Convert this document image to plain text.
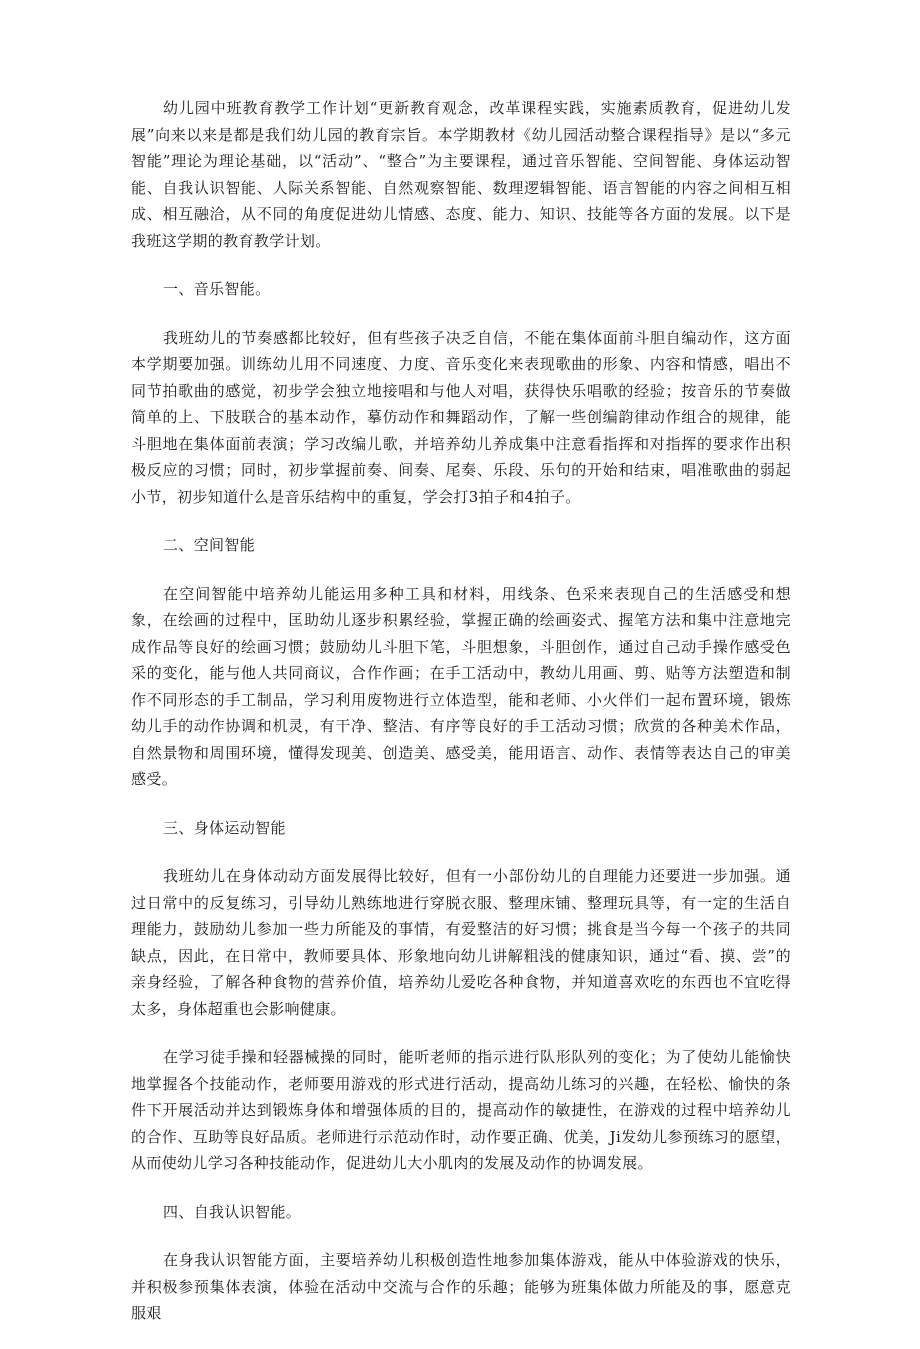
幼儿园中班教育教学工作计划“更新教育观念，改革课程实践，实施素质教育，促进幼儿发展”向来以来是都是我们幼儿园的教育宗旨。本学期教材《幼儿园活动整合课程指导》是以“多元智能”理论为理论基础，以“活动”、“整合”为主要课程，通过音乐智能、空间智能、身体运动智能、自我认识智能、人际关系智能、自然观察智能、数理逻辑智能、语言智能的内容之间相互相成、相互融洽，从不同的角度促进幼儿情感、态度、能力、知识、技能等各方面的发展。以下是我班这学期的教育教学计划。

一、音乐智能。

我班幼儿的节奏感都比较好，但有些孩子决乏自信，不能在集体面前斗胆自编动作，这方面本学期要加强。训练幼儿用不同速度、力度、音乐变化来表现歌曲的形象、内容和情感，唱出不同节拍歌曲的感觉，初步学会独立地接唱和与他人对唱，获得快乐唱歌的经验；按音乐的节奏做简单的上、下肢联合的基本动作，摹仿动作和舞蹈动作，了解一些创编韵律动作组合的规律，能斗胆地在集体面前表演；学习改编儿歌，并培养幼儿养成集中注意看指挥和对指挥的要求作出积极反应的习惯；同时，初步掌握前奏、间奏、尾奏、乐段、乐句的开始和结束，唱准歌曲的弱起小节，初步知道什么是音乐结构中的重复，学会打3拍子和4拍子。

二、空间智能

在空间智能中培养幼儿能运用多种工具和材料，用线条、色采来表现自己的生活感受和想象，在绘画的过程中，匡助幼儿逐步积累经验，掌握正确的绘画姿式、握笔方法和集中注意地完成作品等良好的绘画习惯；鼓励幼儿斗胆下笔，斗胆想象，斗胆创作，通过自己动手操作感受色采的变化，能与他人共同商议，合作作画；在手工活动中，教幼儿用画、剪、贴等方法塑造和制作不同形态的手工制品，学习利用废物进行立体造型，能和老师、小火伴们一起布置环境，锻炼幼儿手的动作协调和机灵，有干净、整洁、有序等良好的手工活动习惯；欣赏的各种美术作品，自然景物和周围环境，懂得发现美、创造美、感受美，能用语言、动作、表情等表达自己的审美感受。

三、身体运动智能

我班幼儿在身体动动方面发展得比较好，但有一小部份幼儿的自理能力还要进一步加强。通过日常中的反复练习，引导幼儿熟练地进行穿脱衣服、整理床铺、整理玩具等，有一定的生活自理能力，鼓励幼儿参加一些力所能及的事情，有爱整洁的好习惯；挑食是当今每一个孩子的共同缺点，因此，在日常中，教师要具体、形象地向幼儿讲解粗浅的健康知识，通过“看、摸、尝”的亲身经验，了解各种食物的营养价值，培养幼儿爱吃各种食物，并知道喜欢吃的东西也不宜吃得太多，身体超重也会影响健康。

在学习徒手操和轻器械操的同时，能听老师的指示进行队形队列的变化；为了使幼儿能愉快地掌握各个技能动作，老师要用游戏的形式进行活动，提高幼儿练习的兴趣，在轻松、愉快的条件下开展活动并达到锻炼身体和增强体质的目的，提高动作的敏捷性，在游戏的过程中培养幼儿的合作、互助等良好品质。老师进行示范动作时，动作要正确、优美，Ji发幼儿参预练习的愿望，从而使幼儿学习各种技能动作，促进幼儿大小肌肉的发展及动作的协调发展。

四、自我认识智能。

在身我认识智能方面，主要培养幼儿积极创造性地参加集体游戏，能从中体验游戏的快乐，并积极参预集体表演，体验在活动中交流与合作的乐趣；能够为班集体做力所能及的事，愿意克服艰
